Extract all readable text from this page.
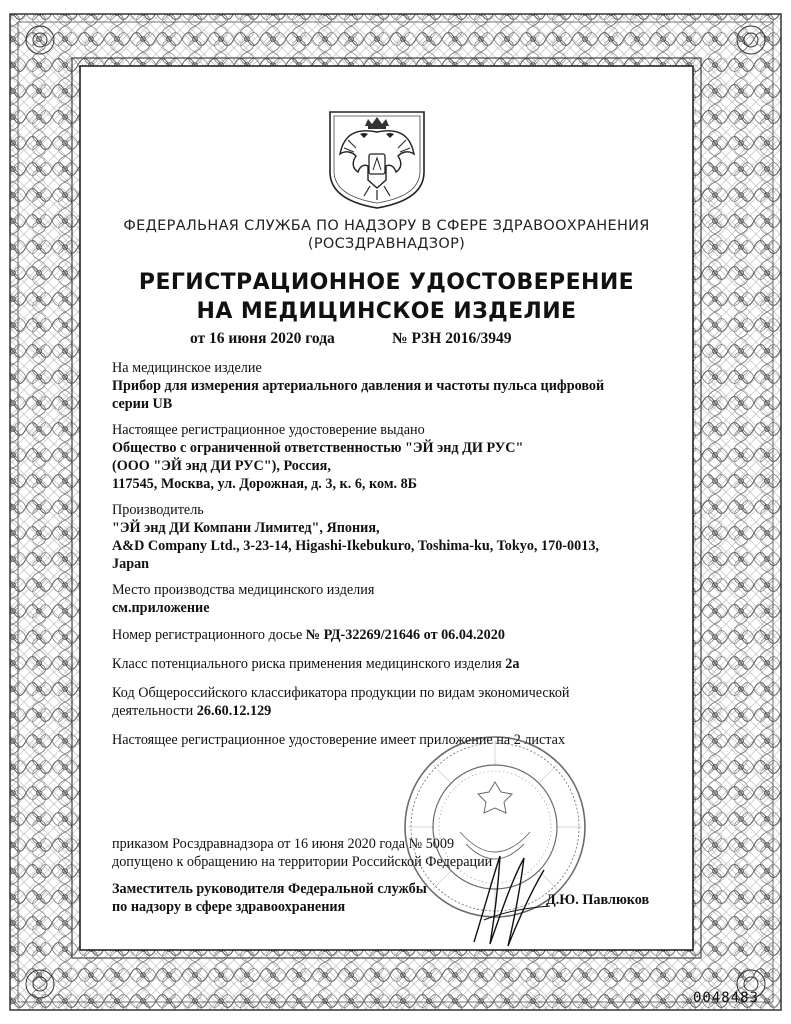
ФЕДЕРАЛЬНАЯ СЛУЖБА ПО НАДЗОРУ В СФЕРЕ ЗДРАВООХРАНЕНИЯ
(РОСЗДРАВНАДЗОР)
РЕГИСТРАЦИОННОЕ УДОСТОВЕРЕНИЕ
НА МЕДИЦИНСКОЕ ИЗДЕЛИЕ
от 16 июня 2020 года	№ РЗН 2016/3949
На медицинское изделие
Прибор для измерения артериального давления и частоты пульса цифровой
серии UB
Настоящее регистрационное удостоверение выдано
Общество с ограниченной ответственностью "ЭЙ энд ДИ РУС"
(ООО "ЭЙ энд ДИ РУС"), Россия,
117545, Москва, ул. Дорожная, д. 3, к. 6, ком. 8Б
Производитель
"ЭЙ энд ДИ Компани Лимитед", Япония,
A&D Company Ltd., 3-23-14, Higashi-Ikebukuro, Toshima-ku, Tokyo, 170-0013,
Japan
Место производства медицинского изделия
см.приложение
Номер регистрационного досье № РД-32269/21646 от 06.04.2020
Класс потенциального риска применения медицинского изделия 2а
Код Общероссийского классификатора продукции по видам экономической
деятельности 26.60.12.129
Настоящее регистрационное удостоверение имеет приложение на 2 листах
приказом Росздравнадзора от 16 июня 2020 года № 5009
допущено к обращению на территории Российской Федерации
Заместитель руководителя Федеральной службы
по надзору в сфере здравоохранения	Д.Ю. Павлюков
0048483
